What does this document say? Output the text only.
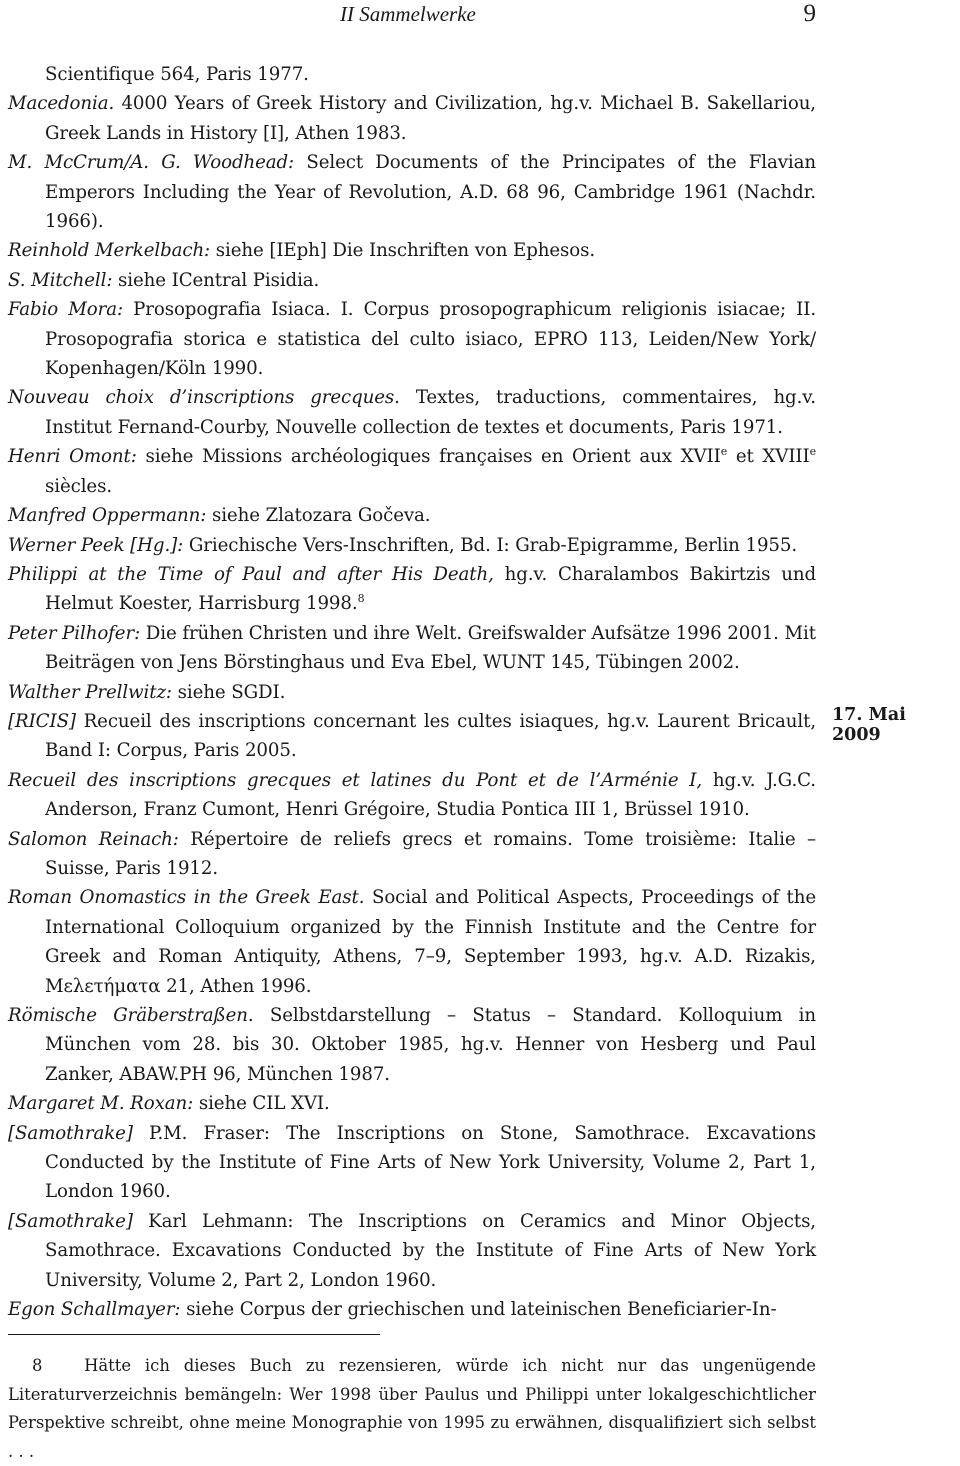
II Sammelwerke	9

Scientifique 564, Paris 1977.

Macedonia. 4000 Years of Greek History and Civilization, hg.v. Michael B. Sakellariou, Greek Lands in History [I], Athen 1983.

M. McCrum/A. G. Woodhead: Select Documents of the Principates of the Flavian Emperors Including the Year of Revolution, A.D. 68 96, Cambridge 1961 (Nachdr. 1966).

Reinhold Merkelbach: siehe [IEph] Die Inschriften von Ephesos.

S. Mitchell: siehe ICentral Pisidia.

Fabio Mora: Prosopografia Isiaca. I. Corpus prosopographicum religionis isiacae; II. Prosopografia storica e statistica del culto isiaco, EPRO 113, Leiden/New York/ Kopenhagen/Köln 1990.

Nouveau choix d’inscriptions grecques. Textes, traductions, commentaires, hg.v. Institut Fernand-Courby, Nouvelle collection de textes et documents, Paris 1971.

Henri Omont: siehe Missions archéologiques françaises en Orient aux XVIIe et XVIIIe siècles.

Manfred Oppermann: siehe Zlatozara Gočeva.

Werner Peek [Hg.]: Griechische Vers-Inschriften, Bd. I: Grab-Epigramme, Berlin 1955.

Philippi at the Time of Paul and after His Death, hg.v. Charalambos Bakirtzis und Helmut Koester, Harrisburg 1998.$^8$

Peter Pilhofer: Die frühen Christen und ihre Welt. Greifswalder Aufsätze 1996 2001. Mit Beiträgen von Jens Börstinghaus und Eva Ebel, WUNT 145, Tübingen 2002.

Walther Prellwitz: siehe SGDI.

[RICIS] Recueil des inscriptions concernant les cultes isiaques, hg.v. Laurent Bricault, Band I: Corpus, Paris 2005.

Recueil des inscriptions grecques et latines du Pont et de l’Arménie I, hg.v. J.G.C. Anderson, Franz Cumont, Henri Grégoire, Studia Pontica III 1, Brüssel 1910.

Salomon Reinach: Répertoire de reliefs grecs et romains. Tome troisième: Italie – Suisse, Paris 1912.

Roman Onomastics in the Greek East. Social and Political Aspects, Proceedings of the International Colloquium organized by the Finnish Institute and the Centre for Greek and Roman Antiquity, Athens, 7–9, September 1993, hg.v. A.D. Rizakis, Μελετήματα 21, Athen 1996.

Römische Gräberstraßen. Selbstdarstellung – Status – Standard. Kolloquium in München vom 28. bis 30. Oktober 1985, hg.v. Henner von Hesberg und Paul Zanker, ABAW.PH 96, München 1987.

Margaret M. Roxan: siehe CIL XVI.

[Samothrake] P.M. Fraser: The Inscriptions on Stone, Samothrace. Excavations Conducted by the Institute of Fine Arts of New York University, Volume 2, Part 1, London 1960.

[Samothrake] Karl Lehmann: The Inscriptions on Ceramics and Minor Objects, Samothrace. Excavations Conducted by the Institute of Fine Arts of New York University, Volume 2, Part 2, London 1960.

Egon Schallmayer: siehe Corpus der griechischen und lateinischen Beneficiarier-In-

17. Mai 2009

8	Hätte ich dieses Buch zu rezensieren, würde ich nicht nur das ungenügende Literaturverzeichnis bemängeln: Wer 1998 über Paulus und Philippi unter lokalgeschichtlicher Perspektive schreibt, ohne meine Monographie von 1995 zu erwähnen, disqualifiziert sich selbst . . .
